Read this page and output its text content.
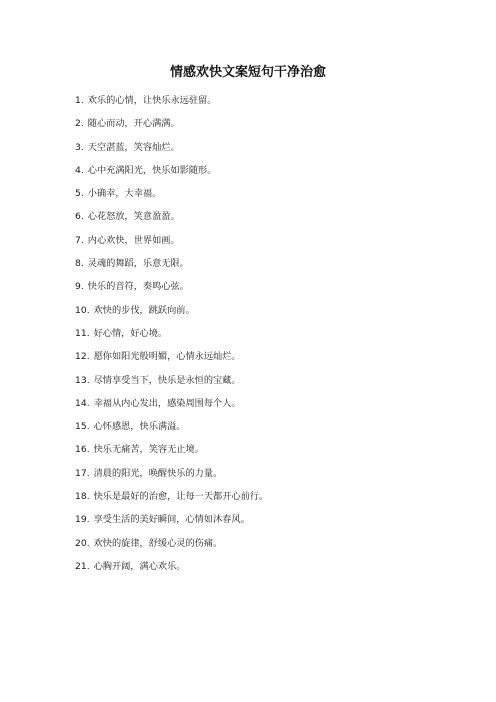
情感欢快文案短句干净治愈
1. 欢乐的心情，让快乐永远驻留。
2. 随心而动，开心满满。
3. 天空湛蓝，笑容灿烂。
4. 心中充满阳光，快乐如影随形。
5. 小确幸，大幸福。
6. 心花怒放，笑意盈盈。
7. 内心欢快，世界如画。
8. 灵魂的舞蹈，乐意无限。
9. 快乐的音符，奏鸣心弦。
10. 欢快的步伐，跳跃向前。
11. 好心情，好心境。
12. 愿你如阳光般明媚，心情永远灿烂。
13. 尽情享受当下，快乐是永恒的宝藏。
14. 幸福从内心发出，感染周围每个人。
15. 心怀感恩，快乐满溢。
16. 快乐无痛苦，笑容无止境。
17. 清晨的阳光，唤醒快乐的力量。
18. 快乐是最好的治愈，让每一天都开心前行。
19. 享受生活的美好瞬间，心情如沐春风。
20. 欢快的旋律，舒缓心灵的伤痛。
21. 心胸开阔，满心欢乐。
